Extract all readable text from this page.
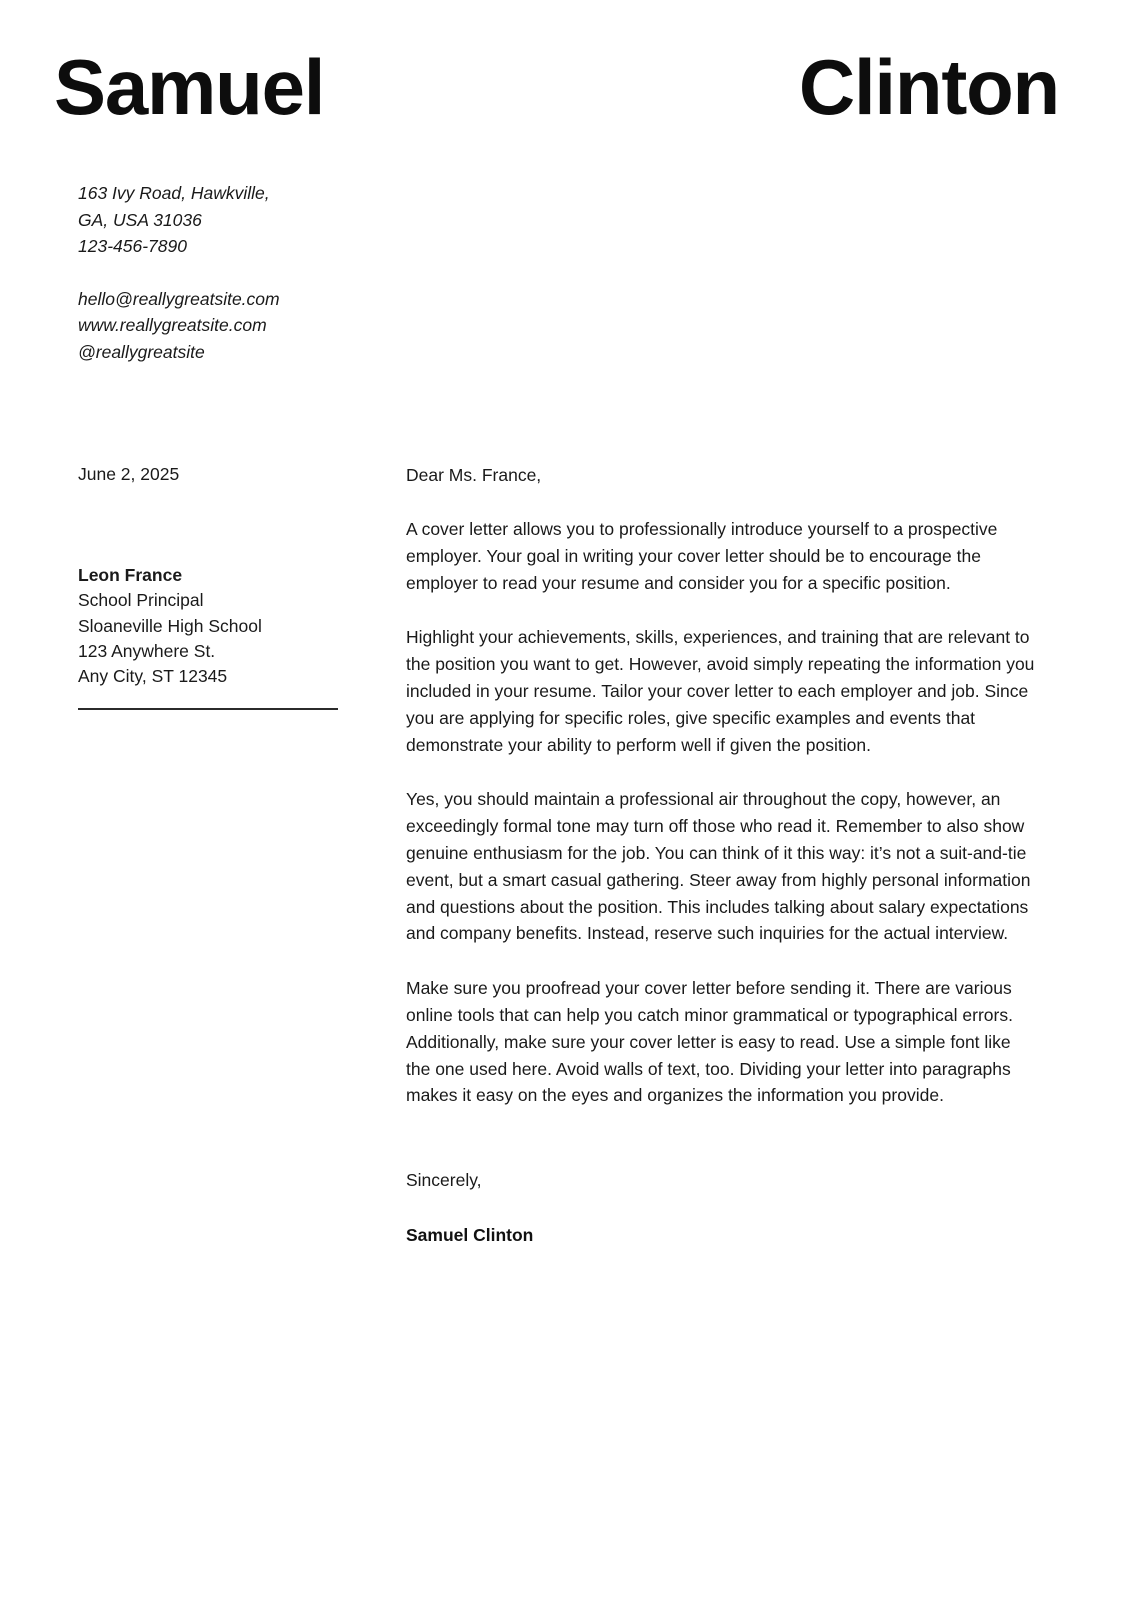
Samuel	Clinton
163 Ivy Road, Hawkville,
GA, USA 31036
123-456-7890
hello@reallygreatsite.com
www.reallygreatsite.com
@reallygreatsite
June 2, 2025
Leon France
School Principal
Sloaneville High School
123 Anywhere St.
Any City, ST 12345
Dear Ms. France,

A cover letter allows you to professionally introduce yourself to a prospective employer. Your goal in writing your cover letter should be to encourage the employer to read your resume and consider you for a specific position.

Highlight your achievements, skills, experiences, and training that are relevant to the position you want to get. However, avoid simply repeating the information you included in your resume. Tailor your cover letter to each employer and job. Since you are applying for specific roles, give specific examples and events that demonstrate your ability to perform well if given the position.

Yes, you should maintain a professional air throughout the copy, however, an exceedingly formal tone may turn off those who read it. Remember to also show genuine enthusiasm for the job. You can think of it this way: it’s not a suit-and-tie event, but a smart casual gathering. Steer away from highly personal information and questions about the position. This includes talking about salary expectations and company benefits. Instead, reserve such inquiries for the actual interview.

Make sure you proofread your cover letter before sending it. There are various online tools that can help you catch minor grammatical or typographical errors. Additionally, make sure your cover letter is easy to read. Use a simple font like the one used here. Avoid walls of text, too. Dividing your letter into paragraphs makes it easy on the eyes and organizes the information you provide.

Sincerely,
Samuel Clinton
